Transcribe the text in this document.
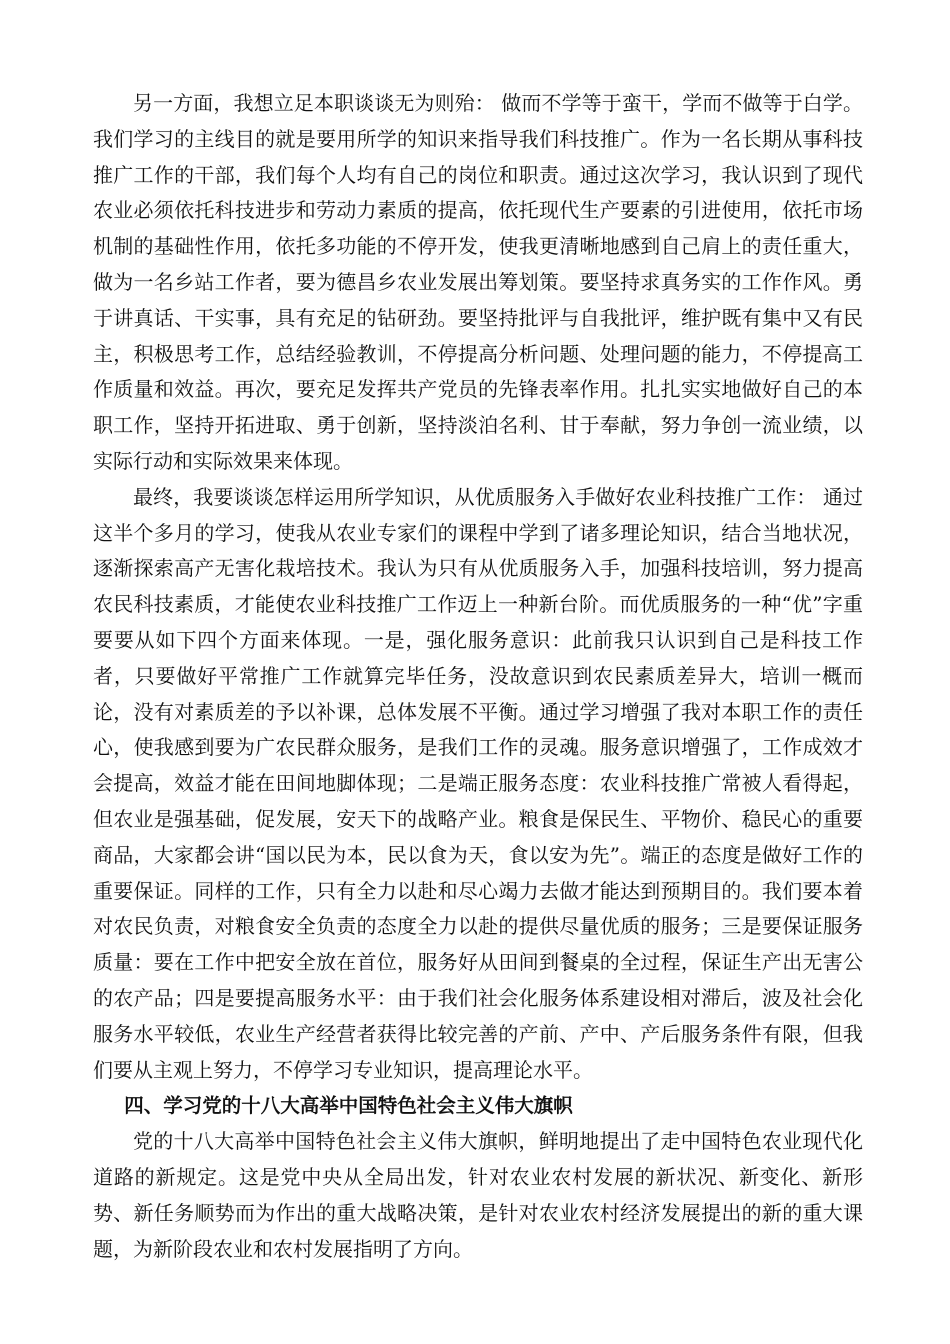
另一方面，我想立足本职谈谈无为则殆： 做而不学等于蛮干，学而不做等于白学。我们学习的主线目的就是要用所学的知识来指导我们科技推广。作为一名长期从事科技推广工作的干部，我们每个人均有自己的岗位和职责。通过这次学习，我认识到了现代农业必须依托科技进步和劳动力素质的提高，依托现代生产要素的引进使用，依托市场机制的基础性作用，依托多功能的不停开发，使我更清晰地感到自己肩上的责任重大，做为一名乡站工作者，要为德昌乡农业发展出筹划策。要坚持求真务实的工作作风。勇于讲真话、干实事，具有充足的钻研劲。要坚持批评与自我批评，维护既有集中又有民主，积极思考工作，总结经验教训，不停提高分析问题、处理问题的能力，不停提高工作质量和效益。再次，要充足发挥共产党员的先锋表率作用。扎扎实实地做好自己的本职工作，坚持开拓进取、勇于创新，坚持淡泊名利、甘于奉献，努力争创一流业绩，以实际行动和实际效果来体现。

最终，我要谈谈怎样运用所学知识，从优质服务入手做好农业科技推广工作： 通过这半个多月的学习，使我从农业专家们的课程中学到了诸多理论知识，结合当地状况，逐渐探索高产无害化栽培技术。我认为只有从优质服务入手，加强科技培训，努力提高农民科技素质，才能使农业科技推广工作迈上一种新台阶。而优质服务的一种“优”字重要要从如下四个方面来体现。一是，强化服务意识：此前我只认识到自己是科技工作者，只要做好平常推广工作就算完毕任务，没故意识到农民素质差异大，培训一概而论，没有对素质差的予以补课，总体发展不平衡。通过学习增强了我对本职工作的责任心，使我感到要为广农民群众服务，是我们工作的灵魂。服务意识增强了，工作成效才会提高，效益才能在田间地脚体现；二是端正服务态度：农业科技推广常被人看得起，但农业是强基础，促发展，安天下的战略产业。粮食是保民生、平物价、稳民心的重要商品，大家都会讲“国以民为本，民以食为天，食以安为先”。端正的态度是做好工作的重要保证。同样的工作，只有全力以赴和尽心竭力去做才能达到预期目的。我们要本着对农民负责，对粮食安全负责的态度全力以赴的提供尽量优质的服务；三是要保证服务质量：要在工作中把安全放在首位，服务好从田间到餐桌的全过程，保证生产出无害公的农产品；四是要提高服务水平：由于我们社会化服务体系建设相对滞后，波及社会化服务水平较低，农业生产经营者获得比较完善的产前、产中、产后服务条件有限，但我们要从主观上努力，不停学习专业知识，提高理论水平。

四、学习党的十八大高举中国特色社会主义伟大旗帜

党的十八大高举中国特色社会主义伟大旗帜，鲜明地提出了走中国特色农业现代化道路的新规定。这是党中央从全局出发，针对农业农村发展的新状况、新变化、新形势、新任务顺势而为作出的重大战略决策，是针对农业农村经济发展提出的新的重大课题，为新阶段农业和农村发展指明了方向。
